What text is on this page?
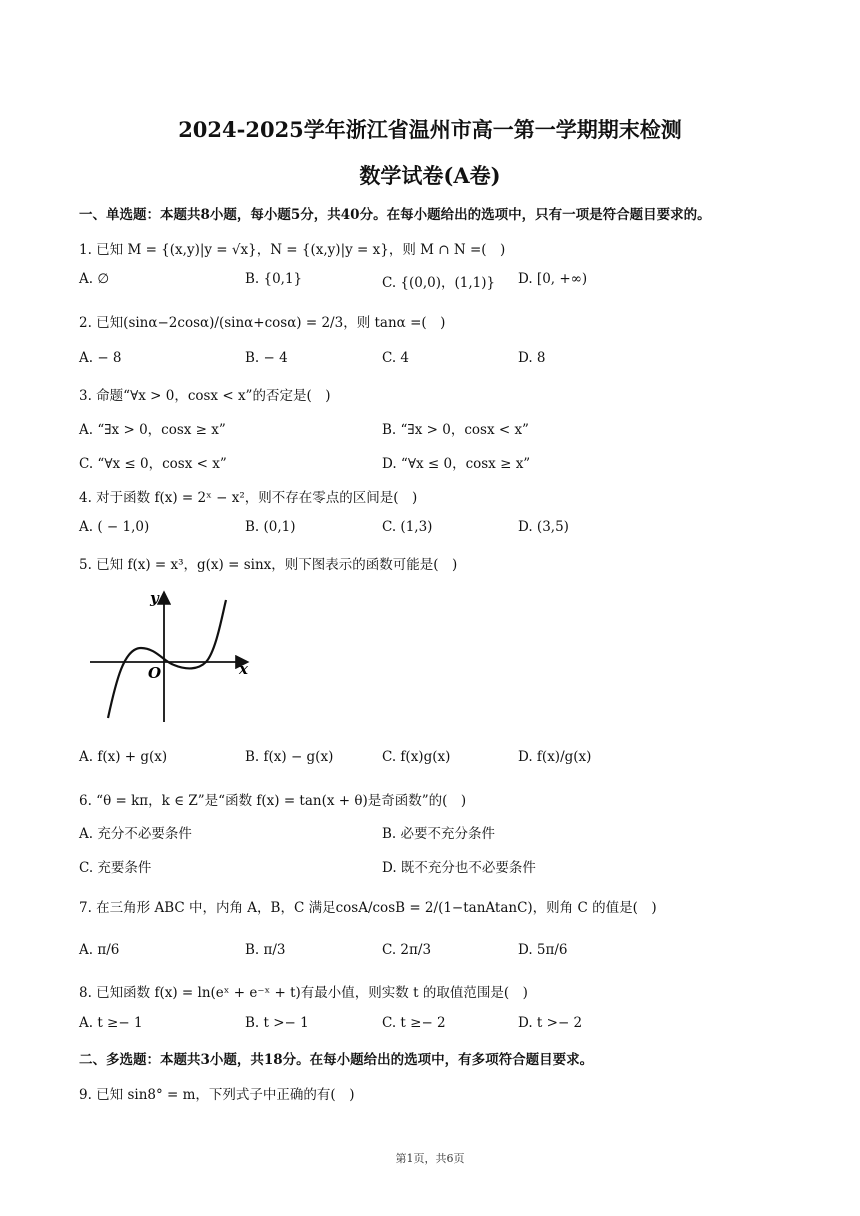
2024-2025学年浙江省温州市高一第一学期期末检测
数学试卷(A卷)
一、单选题：本题共8小题，每小题5分，共40分。在每小题给出的选项中，只有一项是符合题目要求的。
1. 已知 M = {(x,y)|y = √x}，N = {(x,y)|y = x}，则 M ∩ N =(　)
A. ∅	B. {0,1}	C. {(0,0)，(1,1)} D. [0, +∞)
2. 已知(sinα−2cosα)/(sinα+cosα) = 2/3，则 tanα =(　)
A. − 8	B. − 4	C. 4	D. 8
3. 命题“∀x > 0，cosx < x”的否定是(　)
A. “∃x > 0，cosx ≥ x”	B. “∃x > 0，cosx < x”
C. “∀x ≤ 0，cosx < x”	D. “∀x ≤ 0，cosx ≥ x”
4. 对于函数 f(x) = 2ˣ − x²，则不存在零点的区间是(　)
A. ( − 1,0)	B. (0,1)	C. (1,3)	D. (3,5)
5. 已知 f(x) = x³，g(x) = sinx，则下图表示的函数可能是(　)
y
x
O
A. f(x) + g(x)	B. f(x) − g(x)	C. f(x)g(x)	D. f(x)/g(x)
6. “θ = kπ，k ∈ Z”是“函数 f(x) = tan(x + θ)是奇函数”的(　)
A. 充分不必要条件	B. 必要不充分条件
C. 充要条件	D. 既不充分也不必要条件
7. 在三角形 ABC 中，内角 A，B，C 满足cosA/cosB = 2/(1−tanAtanC)，则角 C 的值是(　)
A. π/6	B. π/3	C. 2π/3	D. 5π/6
8. 已知函数 f(x) = ln(eˣ + e⁻ˣ + t)有最小值，则实数 t 的取值范围是(　)
A. t ≥− 1	B. t >− 1	C. t ≥− 2	D. t >− 2
二、多选题：本题共3小题，共18分。在每小题给出的选项中，有多项符合题目要求。
9. 已知 sin8° = m，下列式子中正确的有(　)
第1页，共6页
